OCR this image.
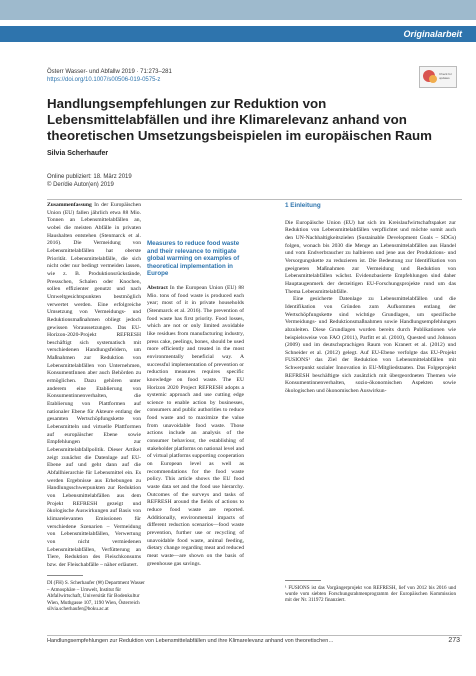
Originalarbeit
Österr Wasser- und Abfallw 2019 · 71:273–281
https://doi.org/10.1007/s00506-019-0575-z
Check for updates
Handlungsempfehlungen zur Reduktion von Lebensmittelabfällen und ihre Klimarelevanz anhand von theoretischen Umsetzungsbeispielen im europäischen Raum
Silvia Scherhaufer
Online publiziert: 18. März 2019
© Der/die Autor(en) 2019

Zusammenfassung In der Europäischen Union (EU) fallen jährlich etwa 88 Mio. Tonnen an Lebensmittelabfällen an, wobei die meisten Abfälle in privaten Haushalten entstehen (Stenmarck et al. 2016). Die Vermeidung von Lebensmittelabfällen hat oberste Priorität. Lebensmittelabfälle, die sich nicht oder nur bedingt vermeiden lassen, wie z. B. Produktionsrückstände, Pressschen, Schalen oder Knochen, sollen effizienter genutzt und nach Umweltgesichtspunkten bestmöglich verwertet werden. Eine erfolgreiche Umsetzung von Vermeidungs- und Reduktionsmaßnahmen obliegt jedoch gewissen Voraussetzungen. Das EU-Horizon-2020-Projekt REFRESH beschäftigt sich systematisch mit verschiedenen Handlungsfeldern, um Maßnahmen zur Reduktion von Lebensmittelabfällen von Unternehmen, KonsumentInnen aber auch Behörden zu ermöglichen. Dazu gehören unter anderem eine Etablierung von Konsumentinnenverhalten, die Etablierung von Plattformen auf nationaler Ebene für Akteure entlang der gesamten Wertschöpfungskette von Lebensmitteln und virtuelle Plattformen auf europäischer Ebene sowie Empfehlungen zur Lebensmittelabfallpolitik. Dieser Artikel zeigt zunächst die Datenlage auf EU-Ebene auf und geht dann auf die Abfallhierarchie für Lebensmittel ein. Es werden Ergebnisse aus Erhebungen zu Handlungsschwerpunkten zur Reduktion von Lebensmittelabfällen aus dem Projekt REFRESH gezeigt und ökologische Auswirkungen auf Basis von klimarelevanten Emissionen für verschiedene Szenarien – Vermeidung von Lebensmittelabfällen, Verwertung von nicht vermiedenen Lebensmittelabfällen, Verfütterung an Tiere, Reduktion des Fleischkonsums bzw. der Fleischabfälle – näher erläutert.

Measures to reduce food waste and their relevance to mitigate global warming on examples of theoretical implementation in Europe

Abstract In the European Union (EU) 88 Mio. tons of food waste is produced each year; most of it in private households (Stenmarck et al. 2016). The prevention of food waste has first priority. Food losses, which are not or only limited avoidable like residues from manufacturing industry, press cake, peelings, bones, should be used more efficiently and treated in the most environmentally beneficial way. A successful implementation of prevention or reduction measures requires specific knowledge on food waste. The EU Horizon 2020 Project REFRESH adopts a systemic approach and use cutting edge science to enable action by businesses, consumers and public authorities to reduce food waste and to maximize the value from unavoidable food waste. Those actions include an analysis of the consumer behaviour, the establishing of stakeholder platforms on national level and of virtual platforms supporting cooperation on European level as well as recommendations for the food waste policy. This article shows the EU food waste data set and the food use hierarchy. Outcomes of the surveys and tasks of REFRESH around the fields of actions to reduce food waste are reported. Additionally, environmental impacts of different reduction scenarios—food waste prevention, further use or recycling of unavoidable food waste, animal feeding, dietary change regarding meat and reduced meat waste—are shown on the basis of greenhouse gas savings.

1 Einleitung

Die Europäische Union (EU) hat sich im Kreislaufwirtschaftspaket zur Reduktion von Lebensmittelabfällen verpflichtet und möchte somit auch den UN-Nachhaltigkeitszielen (Sustainable Development Goals – SDGs) folgen, wonach bis 2030 die Menge an Lebensmittelabfällen aus Handel und vom Endverbraucher zu halbieren und jene aus der Produktions- und Versorgungskette zu reduzieren ist. Die Bedeutung zur Identifikation von geeigneten Maßnahmen zur Vermeidung und Reduktion von Lebensmittelabfällen wächst. Evidenzbasierte Empfehlungen sind daher Hauptaugenmerk der derzeitigen EU-Forschungsprojekte rund um das Thema Lebensmittelabfälle.

Eine gesicherte Datenlage zu Lebensmittelabfällen und die Identifikation von Gründen zum Aufkommen entlang der Wertschöpfungskette sind wichtige Grundlagen, um spezifische Vermeidungs- und Reduktionsmaßnahmen sowie Handlungsempfehlungen abzuleiten. Diese Grundlagen wurden bereits durch Publikationen wie beispielsweise von FAO (2011), Parfitt et al. (2010), Quested und Johnson (2009) und im deutschsprachigen Raum von Kranert et al. (2012) und Schneider et al. (2012) gelegt. Auf EU-Ebene verfolgte das EU-Projekt FUSIONS¹ das Ziel der Reduktion von Lebensmittelabfällen mit Schwerpunkt sozialer Innovation in EU-Mitgliedstaaten. Das Folgeprojekt REFRESH beschäftigte sich zusätzlich mit übergeordneten Themen wie Konsumentinnenverhalten, sozio-ökonomischen Aspekten sowie ökologischen und ökonomischen Auswirkun-

DI (FH) S. Scherhaufer (✉) Department Wasser – Atmosphäre – Umwelt, Institut für Abfallwirtschaft, Universität für Bodenkultur Wien, Muthgasse 107, 1190 Wien, Österreich silvia.scherhaufer@boku.ac.at
¹ FUSIONS ist das Vorgängerprojekt von REFRESH, lief von 2012 bis 2016 und wurde vom siebten Forschungsrahmenprogramm der Europäischen Kommission mit der Nr. 311972 finanziert.
Handlungsempfehlungen zur Reduktion von Lebensmittelabfällen und ihre Klimarelevanz anhand von theoretischen…	273
